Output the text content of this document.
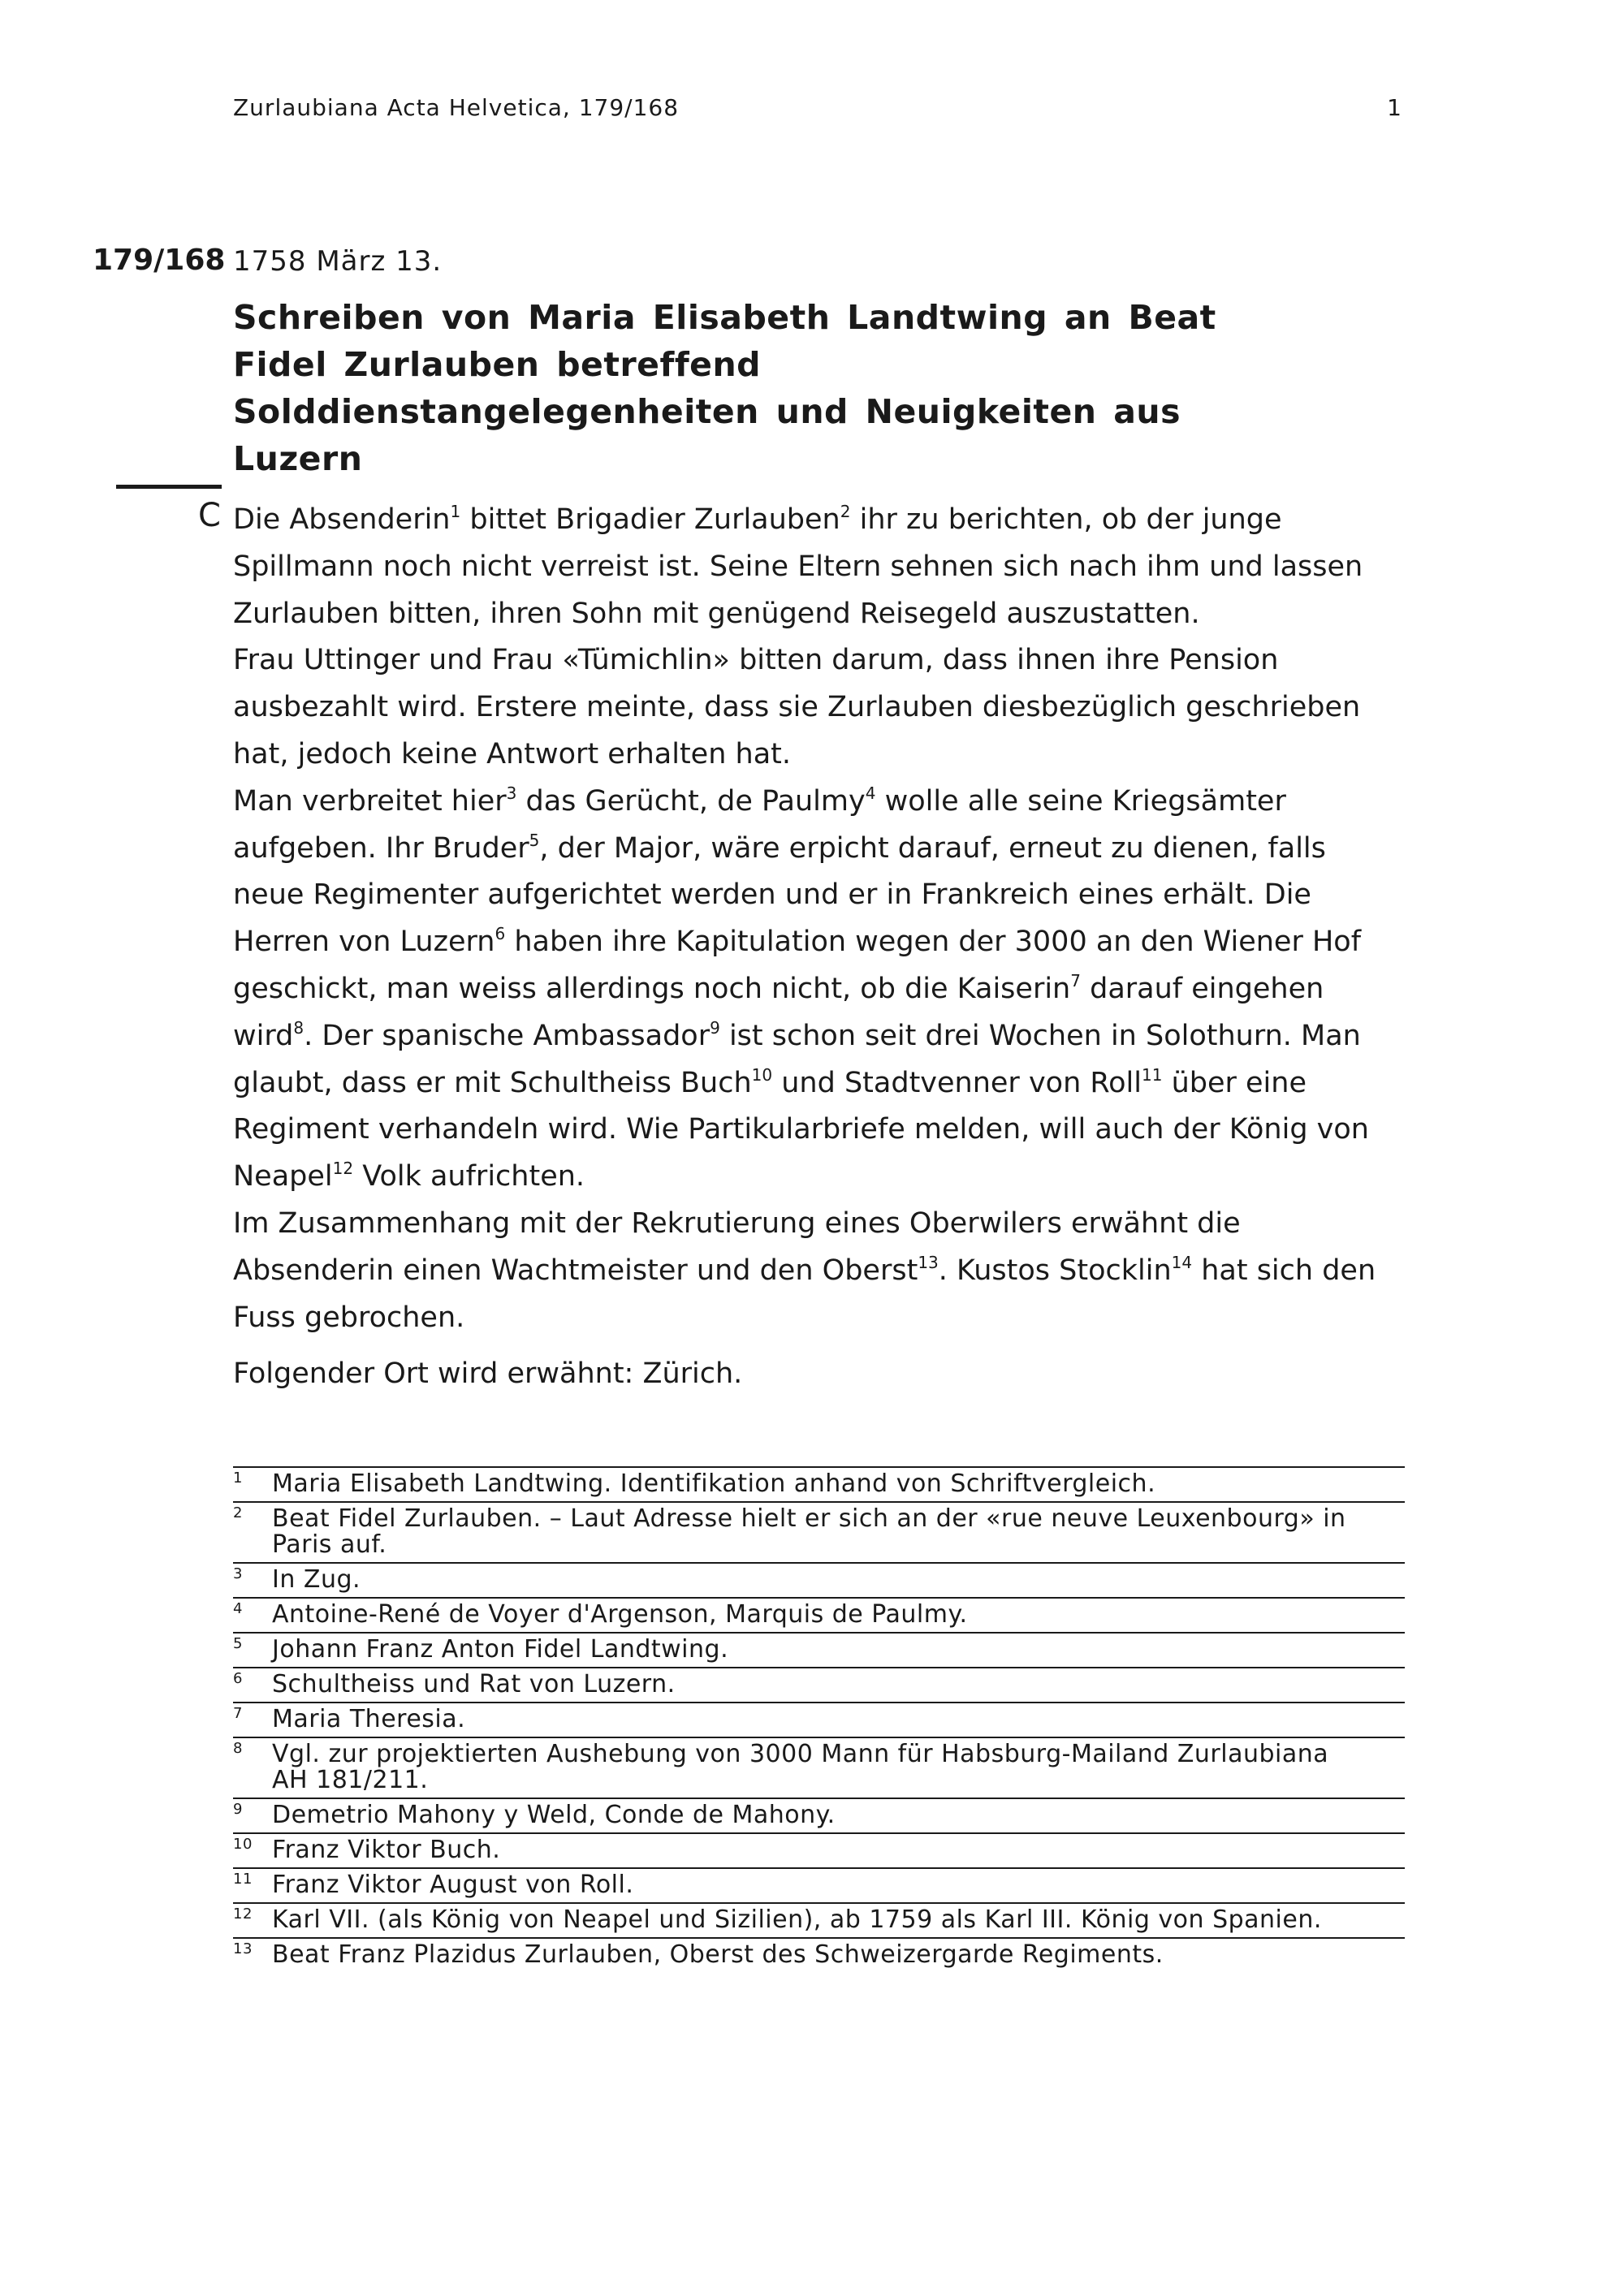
Zurlaubiana Acta Helvetica, 179/168	1
179/168 1758 März 13.
Schreiben von Maria Elisabeth Landtwing an Beat Fidel Zurlauben betreffend Solddienstangelegenheiten und Neuigkeiten aus Luzern
C Die Absenderin$^1$ bittet Brigadier Zurlauben$^2$ ihr zu berichten, ob der junge Spillmann noch nicht verreist ist. Seine Eltern sehnen sich nach ihm und lassen Zurlauben bitten, ihren Sohn mit genügend Reisegeld auszustatten.

Frau Uttinger und Frau «Tümichlin» bitten darum, dass ihnen ihre Pension ausbezahlt wird. Erstere meinte, dass sie Zurlauben diesbezüglich geschrieben hat, jedoch keine Antwort erhalten hat.

Man verbreitet hier$^3$ das Gerücht, de Paulmy$^4$ wolle alle seine Kriegsämter aufgeben. Ihr Bruder$^5$, der Major, wäre erpicht darauf, erneut zu dienen, falls neue Regimenter aufgerichtet werden und er in Frankreich eines erhält. Die Herren von Luzern$^6$ haben ihre Kapitulation wegen der 3000 an den Wiener Hof geschickt, man weiss allerdings noch nicht, ob die Kaiserin$^7$ darauf eingehen wird$^8$. Der spanische Ambassador$^9$ ist schon seit drei Wochen in Solothurn. Man glaubt, dass er mit Schultheiss Buch$^{10}$ und Stadtvenner von Roll$^{11}$ über eine Regiment verhandeln wird. Wie Partikularbriefe melden, will auch der König von Neapel$^{12}$ Volk aufrichten.

Im Zusammenhang mit der Rekrutierung eines Oberwilers erwähnt die Absenderin einen Wachtmeister und den Oberst$^{13}$. Kustos Stocklin$^{14}$ hat sich den Fuss gebrochen.

Folgender Ort wird erwähnt: Zürich.

1 Maria Elisabeth Landtwing. Identifikation anhand von Schriftvergleich.
2 Beat Fidel Zurlauben. – Laut Adresse hielt er sich an der «rue neuve Leuxenbourg» in Paris auf.
3 In Zug.
4 Antoine-René de Voyer d'Argenson, Marquis de Paulmy.
5 Johann Franz Anton Fidel Landtwing.
6 Schultheiss und Rat von Luzern.
7 Maria Theresia.
8 Vgl. zur projektierten Aushebung von 3000 Mann für Habsburg-Mailand Zurlaubiana AH 181/211.
9 Demetrio Mahony y Weld, Conde de Mahony.
10 Franz Viktor Buch.
11 Franz Viktor August von Roll.
12 Karl VII. (als König von Neapel und Sizilien), ab 1759 als Karl III. König von Spanien.
13 Beat Franz Plazidus Zurlauben, Oberst des Schweizergarde Regiments.
